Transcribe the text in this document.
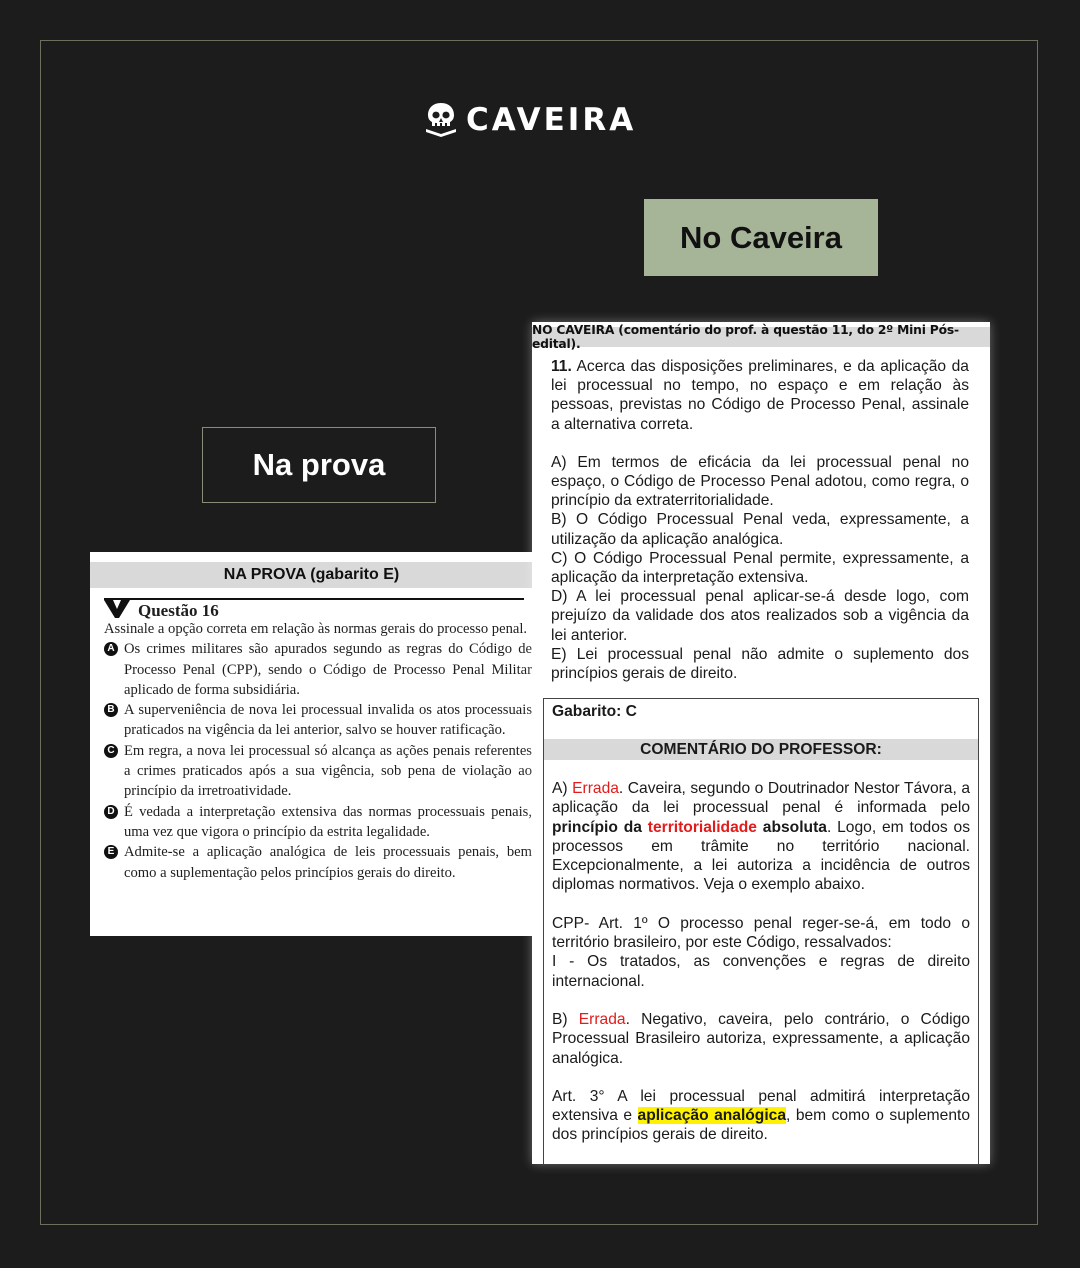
CAVEIRA
No Caveira
Na prova
NA PROVA (gabarito E)
Questão 16

Assinale a opção correta em relação às normas gerais do processo penal.

A Os crimes militares são apurados segundo as regras do Código de Processo Penal (CPP), sendo o Código de Processo Penal Militar aplicado de forma subsidiária.
B A superveniência de nova lei processual invalida os atos processuais praticados na vigência da lei anterior, salvo se houver ratificação.
C Em regra, a nova lei processual só alcança as ações penais referentes a crimes praticados após a sua vigência, sob pena de violação ao princípio da irretroatividade.
D É vedada a interpretação extensiva das normas processuais penais, uma vez que vigora o princípio da estrita legalidade.
E Admite-se a aplicação analógica de leis processuais penais, bem como a suplementação pelos princípios gerais do direito.
NO CAVEIRA (comentário do prof. à questão 11, do 2º Mini Pós-edital).

11. Acerca das disposições preliminares, e da aplicação da lei processual no tempo, no espaço e em relação às pessoas, previstas no Código de Processo Penal, assinale a alternativa correta.

A) Em termos de eficácia da lei processual penal no espaço, o Código de Processo Penal adotou, como regra, o princípio da extraterritorialidade.

B) O Código Processual Penal veda, expressamente, a utilização da aplicação analógica.

C) O Código Processual Penal permite, expressamente, a aplicação da interpretação extensiva.

D) A lei processual penal aplicar-se-á desde logo, com prejuízo da validade dos atos realizados sob a vigência da lei anterior.

E) Lei processual penal não admite o suplemento dos princípios gerais de direito.

Gabarito: C
COMENTÁRIO DO PROFESSOR:

A) Errada. Caveira, segundo o Doutrinador Nestor Távora, a aplicação da lei processual penal é informada pelo princípio da territorialidade absoluta. Logo, em todos os processos em trâmite no território nacional. Excepcionalmente, a lei autoriza a incidência de outros diplomas normativos. Veja o exemplo abaixo.

CPP- Art. 1º O processo penal reger-se-á, em todo o território brasileiro, por este Código, ressalvados:

I - Os tratados, as convenções e regras de direito internacional.

B) Errada. Negativo, caveira, pelo contrário, o Código Processual Brasileiro autoriza, expressamente, a aplicação analógica.

Art. 3° A lei processual penal admitirá interpretação extensiva e aplicação analógica, bem como o suplemento dos princípios gerais de direito.
